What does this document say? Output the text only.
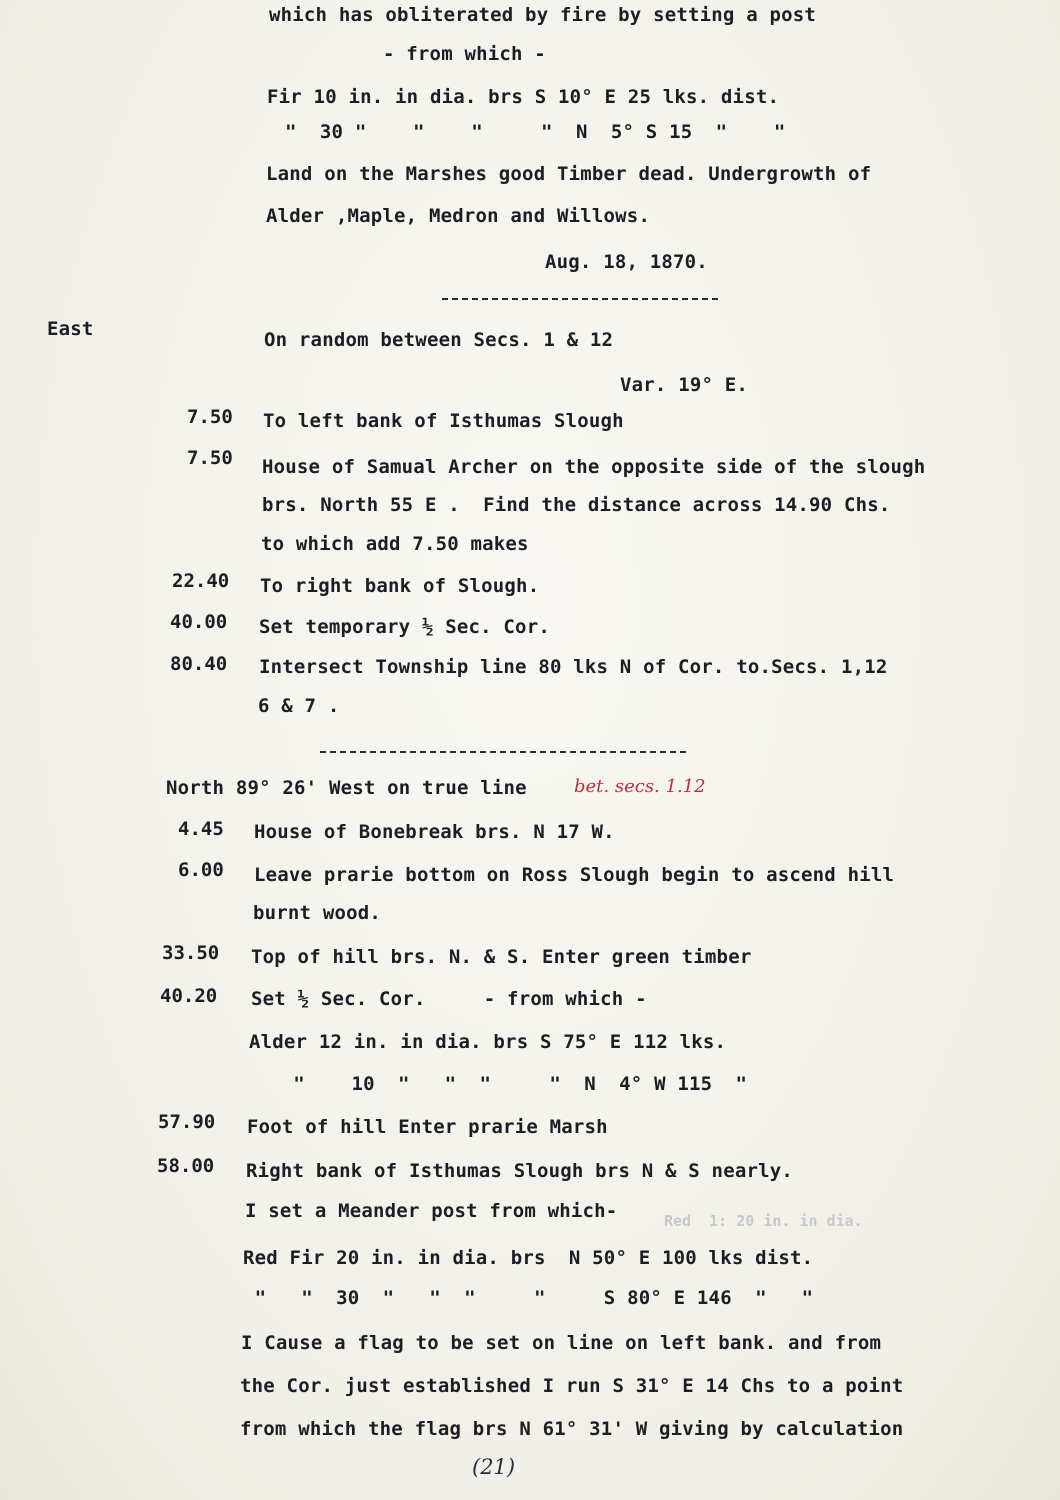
which has obliterated by fire by setting a post
- from which -
Fir 10 in. in dia. brs S 10° E 25 lks. dist.
"  30 "    "    "     "  N  5° S 15  "    "
Land on the Marshes good Timber dead. Undergrowth of
Alder ,Maple, Medron and Willows.
Aug. 18, 1870.
East	On random between Secs. 1 & 12
Var. 19° E.
7.50 To left bank of Isthumas Slough
7.50 House of Samual Archer on the opposite side of the slough
brs. North 55 E .  Find the distance across 14.90 Chs.
to which add 7.50 makes
22.40 To right bank of Slough.
40.00 Set temporary ½ Sec. Cor.
80.40 Intersect Township line 80 lks N of Cor. to.Secs. 1,12
6 & 7 .
North 89° 26' West on true line	bet. secs. 1.12
4.45 House of Bonebreak brs. N 17 W.
6.00 Leave prarie bottom on Ross Slough begin to ascend hill
burnt wood.
33.50 Top of hill brs. N. & S. Enter green timber
40.20 Set ½ Sec. Cor.     - from which -
Alder 12 in. in dia. brs S 75° E 112 lks.
"    10  "   "  "     "  N  4° W 115  "
57.90 Foot of hill Enter prarie Marsh
58.00 Right bank of Isthumas Slough brs N & S nearly.
I set a Meander post from which-	Red  1: 20 in. in dia.
Red Fir 20 in. in dia. brs  N 50° E 100 lks dist.
"   "  30  "   "  "     "     S 80° E 146  "   "
I Cause a flag to be set on line on left bank. and from
the Cor. just established I run S 31° E 14 Chs to a point
from which the flag brs N 61° 31' W giving by calculation
(21)
